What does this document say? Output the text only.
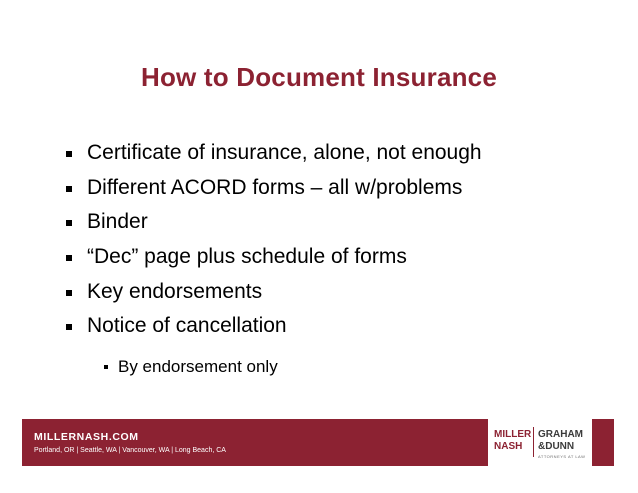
How to Document Insurance
Certificate of insurance, alone, not enough
Different ACORD forms – all w/problems
Binder
“Dec” page plus schedule of forms
Key endorsements
Notice of cancellation
By endorsement only
MILLERNASH.COM
Portland, OR | Seattle, WA | Vancouver, WA | Long Beach, CA
MILLER
NASH
GRAHAM
&DUNN
ATTORNEYS AT LAW
